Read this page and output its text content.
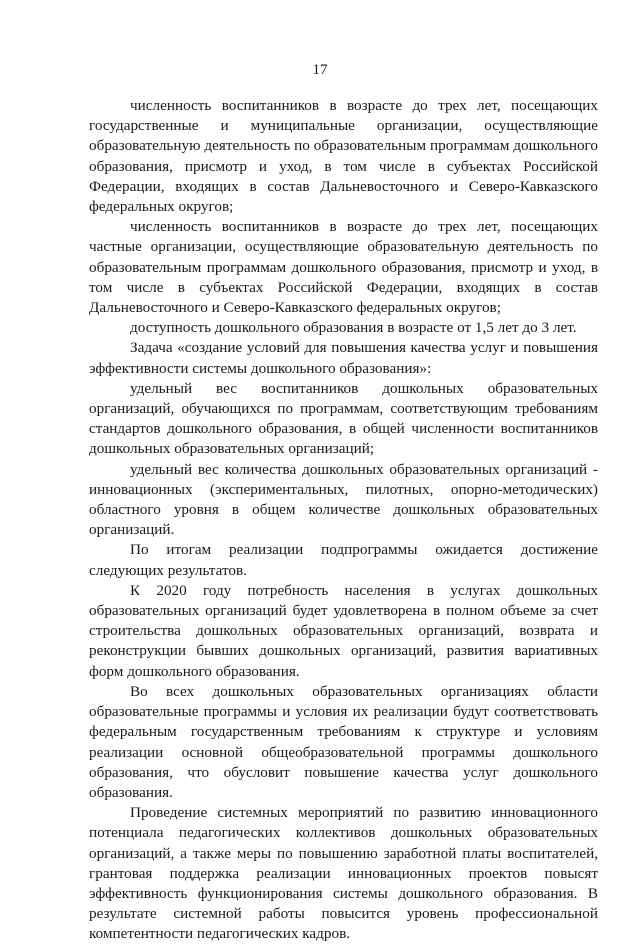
17

численность воспитанников в возрасте до трех лет, посещающих государственные и муниципальные организации, осуществляющие образовательную деятельность по образовательным программам дошкольного образования, присмотр и уход, в том числе в субъектах Российской Федерации, входящих в состав Дальневосточного и Северо-Кавказского федеральных округов;

численность воспитанников в возрасте до трех лет, посещающих частные организации, осуществляющие образовательную деятельность по образовательным программам дошкольного образования, присмотр и уход, в том числе в субъектах Российской Федерации, входящих в состав Дальневосточного и Северо-Кавказского федеральных округов;

доступность дошкольного образования в возрасте от 1,5 лет до 3 лет.

Задача «создание условий для повышения качества услуг и повышения эффективности системы дошкольного образования»:

удельный вес воспитанников дошкольных образовательных организаций, обучающихся по программам, соответствующим требованиям стандартов дошкольного образования, в общей численности воспитанников дошкольных образовательных организаций;

удельный вес количества дошкольных образовательных организаций - инновационных (экспериментальных, пилотных, опорно-методических) областного уровня в общем количестве дошкольных образовательных организаций.

По итогам реализации подпрограммы ожидается достижение следующих результатов.

К 2020 году потребность населения в услугах дошкольных образовательных организаций будет удовлетворена в полном объеме за счет строительства дошкольных образовательных организаций, возврата и реконструкции бывших дошкольных организаций, развития вариативных форм дошкольного образования.

Во всех дошкольных образовательных организациях области образовательные программы и условия их реализации будут соответствовать федеральным государственным требованиям к структуре и условиям реализации основной общеобразовательной программы дошкольного образования, что обусловит повышение качества услуг дошкольного образования.

Проведение системных мероприятий по развитию инновационного потенциала педагогических коллективов дошкольных образовательных организаций, а также меры по повышению заработной платы воспитателей, грантовая поддержка реализации инновационных проектов повысят эффективность функционирования системы дошкольного образования. В результате системной работы повысится уровень профессиональной компетентности педагогических кадров.
